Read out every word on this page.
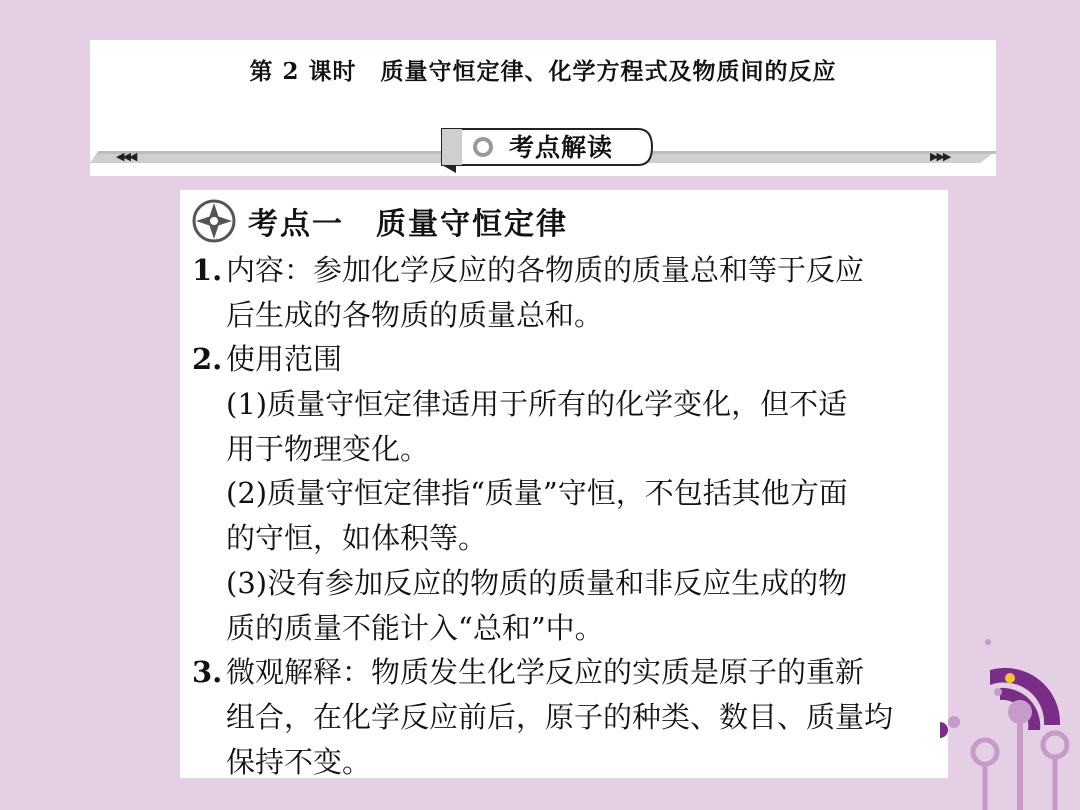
第 2 课时　质量守恒定律、化学方程式及物质间的反应
考点解读
◀◀◀	▶▶▶
考点一　质量守恒定律
1. 内容：参加化学反应的各物质的质量总和等于反应
后生成的各物质的质量总和。
2. 使用范围
(1)质量守恒定律适用于所有的化学变化，但不适
用于物理变化。
(2)质量守恒定律指“质量”守恒，不包括其他方面
的守恒，如体积等。
(3)没有参加反应的物质的质量和非反应生成的物
质的质量不能计入“总和”中。
3. 微观解释：物质发生化学反应的实质是原子的重新
组合，在化学反应前后，原子的种类、数目、质量均
保持不变。
